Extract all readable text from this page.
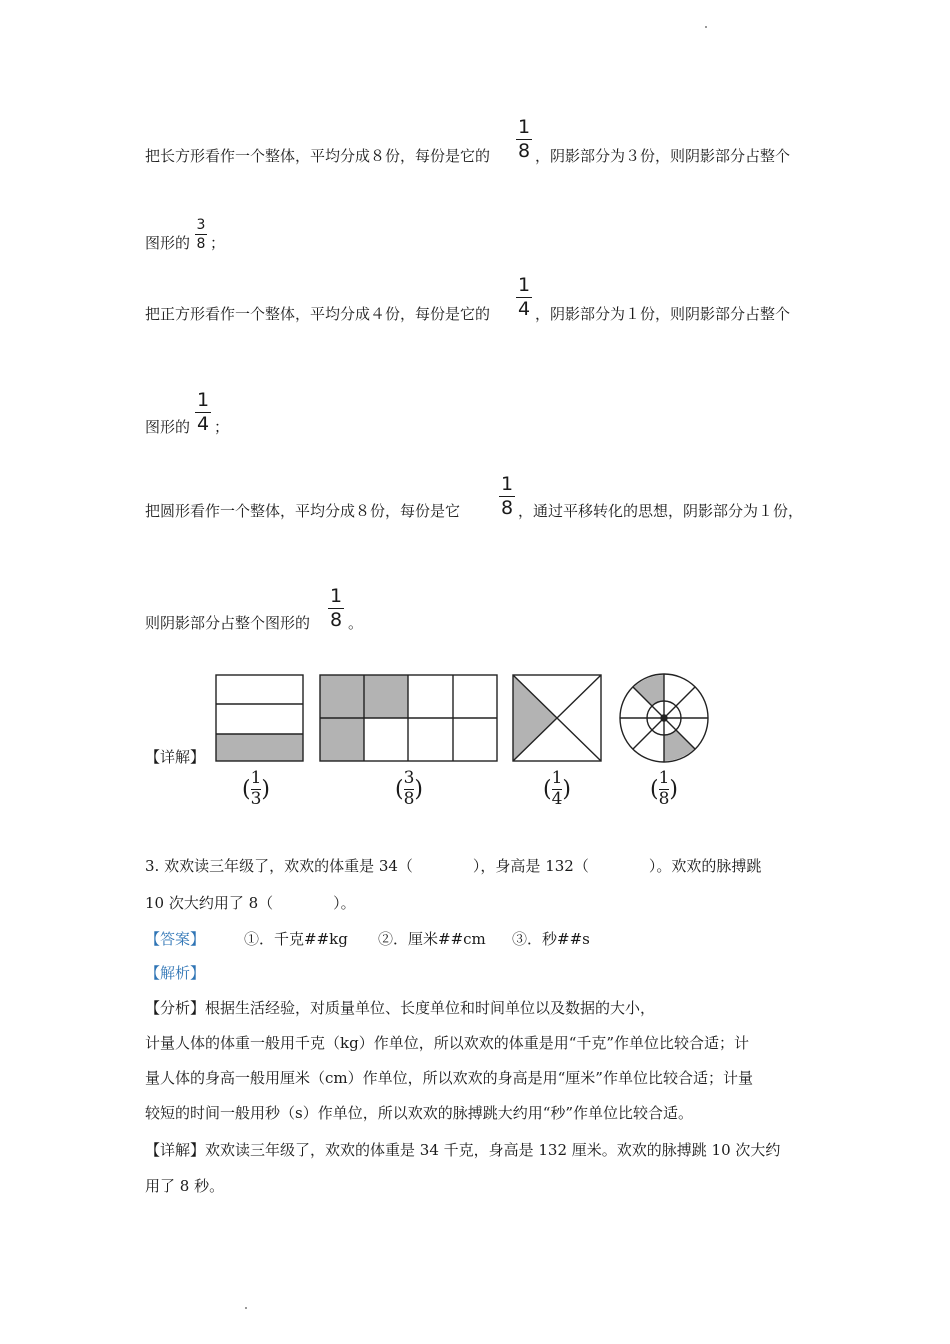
把长方形看作一个整体，平均分成８份，每份是它的
1
8 ，阴影部分为３份，则阴影部分占整个
图形的
3
8 ；
把正方形看作一个整体，平均分成４份，每份是它的
1
4 ，阴影部分为１份，则阴影部分占整个
图形的
1
4 ；
把圆形看作一个整体，平均分成８份，每份是它
1
8 ，通过平移转化的思想，阴影部分为１份，
则阴影部分占整个图形的
1
8 。
【详解】
( $\frac{1}{3}$ )	( $\frac{3}{8}$ )	( $\frac{1}{4}$ )	( $\frac{1}{8}$ )
3. 欢欢读三年级了，欢欢的体重是 34（　　　　），身高是 132（　　　　）。欢欢的脉搏跳
10 次大约用了 8（　　　　）。
【答案】	①．千克##kg ②．厘米##cm ③．秒##s
【解析】
【分析】根据生活经验，对质量单位、长度单位和时间单位以及数据的大小，
计量人体的体重一般用千克（kg）作单位，所以欢欢的体重是用“千克”作单位比较合适；计
量人体的身高一般用厘米（cm）作单位，所以欢欢的身高是用“厘米”作单位比较合适；计量
较短的时间一般用秒（s）作单位，所以欢欢的脉搏跳大约用“秒”作单位比较合适。
【详解】欢欢读三年级了，欢欢的体重是 34 千克，身高是 132 厘米。欢欢的脉搏跳 10 次大约
用了 8 秒。
